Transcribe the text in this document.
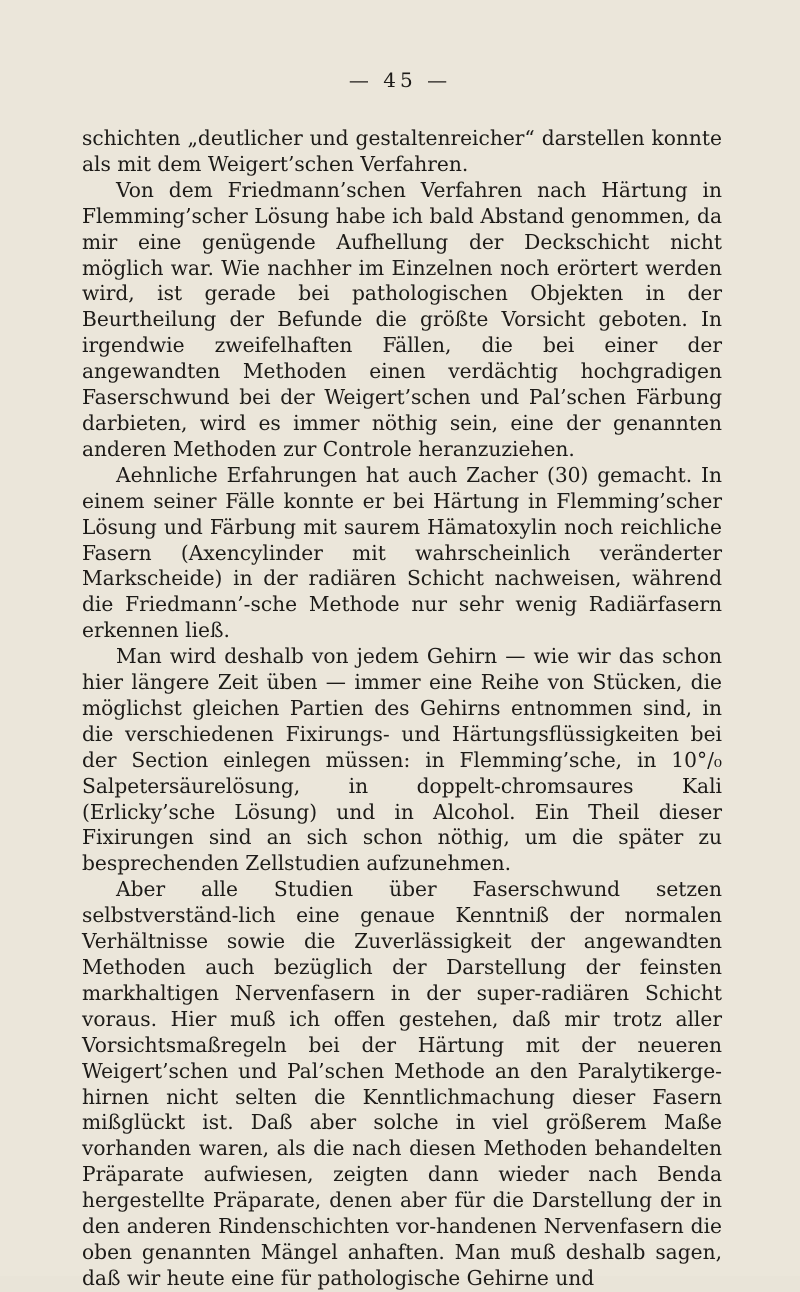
— 45 —

schichten „deutlicher und gestaltenreicher“ darstellen konnte als mit dem Weigert’schen Verfahren.

Von dem Friedmann’schen Verfahren nach Härtung in Flemming’scher Lösung habe ich bald Abstand genommen, da mir eine genügende Aufhellung der Deckschicht nicht möglich war. Wie nachher im Einzelnen noch erörtert werden wird, ist gerade bei pathologischen Objekten in der Beurtheilung der Befunde die größte Vorsicht geboten. In irgendwie zweifelhaften Fällen, die bei einer der angewandten Methoden einen verdächtig hochgradigen Faserschwund bei der Weigert’schen und Pal’schen Färbung darbieten, wird es immer nöthig sein, eine der genannten anderen Methoden zur Controle heranzuziehen.

Aehnliche Erfahrungen hat auch Zacher (30) gemacht. In einem seiner Fälle konnte er bei Härtung in Flemming’scher Lösung und Färbung mit saurem Hämatoxylin noch reichliche Fasern (Axencylinder mit wahrscheinlich veränderter Markscheide) in der radiären Schicht nachweisen, während die Friedmann’-sche Methode nur sehr wenig Radiärfasern erkennen ließ.

Man wird deshalb von jedem Gehirn — wie wir das schon hier längere Zeit üben — immer eine Reihe von Stücken, die möglichst gleichen Partien des Gehirns entnommen sind, in die verschiedenen Fixirungs- und Härtungsflüssigkeiten bei der Section einlegen müssen: in Flemming’sche, in 10°/₀ Salpetersäurelösung, in doppelt-chromsaures Kali (Erlicky’sche Lösung) und in Alcohol. Ein Theil dieser Fixirungen sind an sich schon nöthig, um die später zu besprechenden Zellstudien aufzunehmen.

Aber alle Studien über Faserschwund setzen selbstverständ-lich eine genaue Kenntniß der normalen Verhältnisse sowie die Zuverlässigkeit der angewandten Methoden auch bezüglich der Darstellung der feinsten markhaltigen Nervenfasern in der super-radiären Schicht voraus. Hier muß ich offen gestehen, daß mir trotz aller Vorsichtsmaßregeln bei der Härtung mit der neueren Weigert’schen und Pal’schen Methode an den Paralytikerge-hirnen nicht selten die Kenntlichmachung dieser Fasern mißglückt ist. Daß aber solche in viel größerem Maße vorhanden waren, als die nach diesen Methoden behandelten Präparate aufwiesen, zeigten dann wieder nach Benda hergestellte Präparate, denen aber für die Darstellung der in den anderen Rindenschichten vor-handenen Nervenfasern die oben genannten Mängel anhaften. Man muß deshalb sagen, daß wir heute eine für pathologische Gehirne und
